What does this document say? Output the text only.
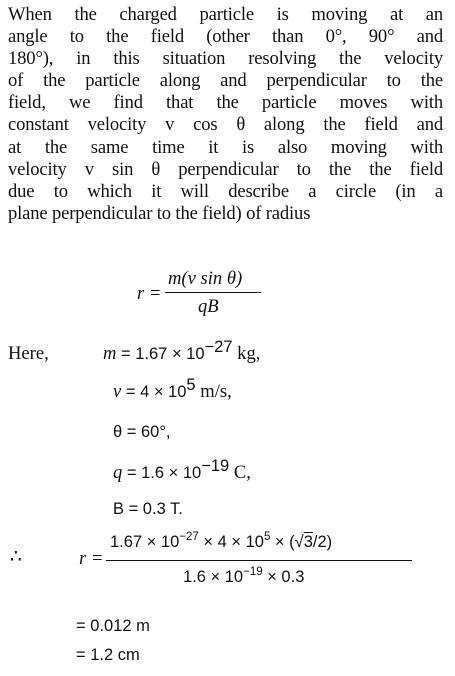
When the charged particle is moving at an
angle to the field (other than 0°, 90° and
180°), in this situation resolving the velocity
of the particle along and perpendicular to the
field, we find that the particle moves with
constant velocity v cos θ along the field and
at the same time it is also moving with
velocity v sin θ perpendicular to the the field
due to which it will describe a circle (in a
plane perpendicular to the field) of radius
r =
m(v sin θ)
qB
Here,	$m = 1.67 \times 10^{-27}$ kg,
$v = 4 \times 10^5$ m/s,
θ = 60°,
$q = 1.6 \times 10^{-19}$ C,
B = 0.3 T.
∴	r =
$1.67 \times 10^{-27} \times 4 \times 10^5 \times (√3/2)$
$1.6 \times 10^{-19} \times 0.3$
= 0.012 m
= 1.2 cm
